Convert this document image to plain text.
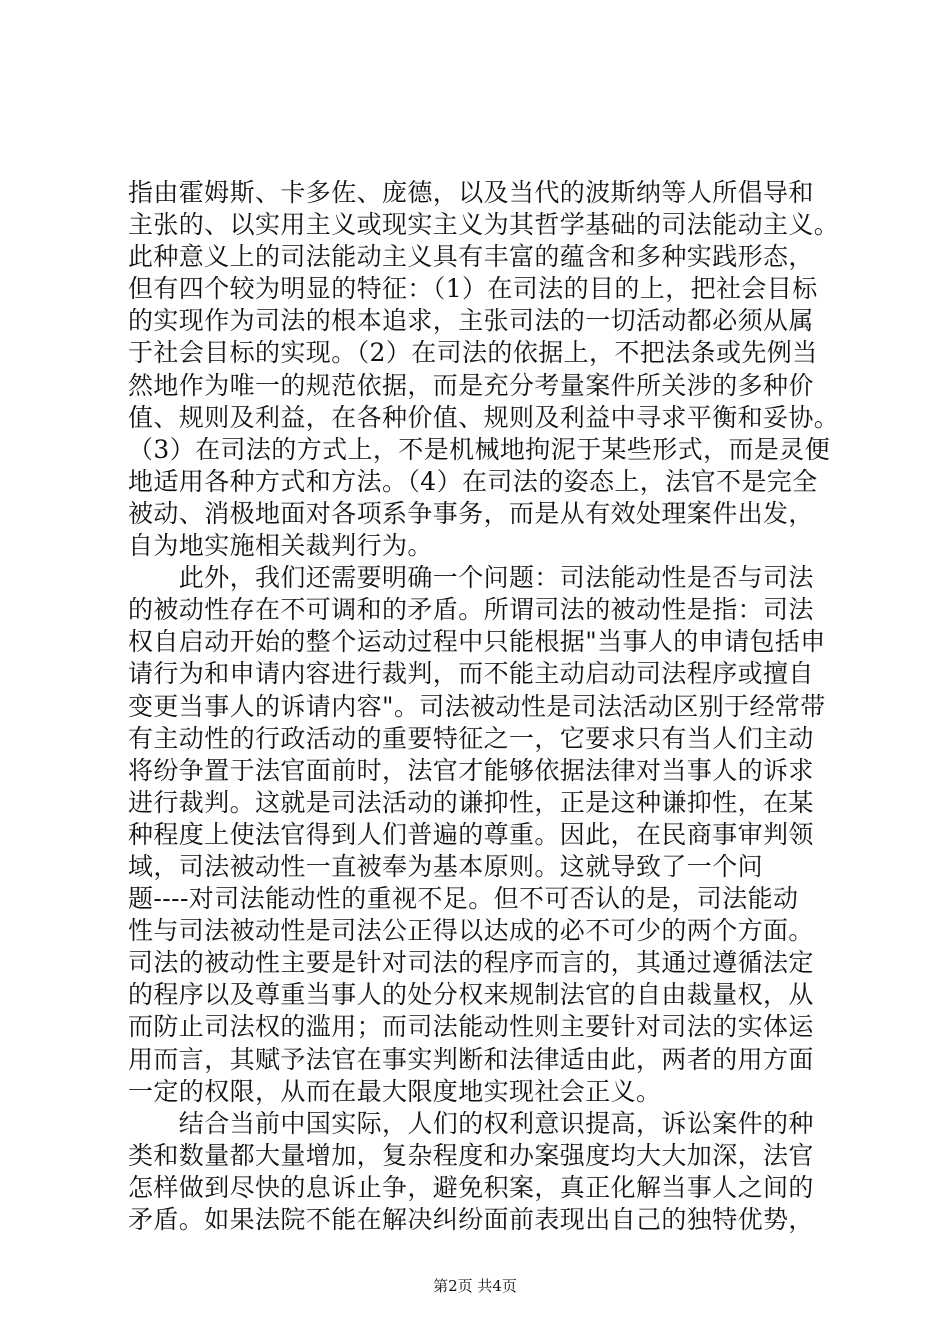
指由霍姆斯、卡多佐、庞德，以及当代的波斯纳等人所倡导和
主张的、以实用主义或现实主义为其哲学基础的司法能动主义。
此种意义上的司法能动主义具有丰富的蕴含和多种实践形态，
但有四个较为明显的特征：（1）在司法的目的上，把社会目标
的实现作为司法的根本追求，主张司法的一切活动都必须从属
于社会目标的实现。（2）在司法的依据上，不把法条或先例当
然地作为唯一的规范依据，而是充分考量案件所关涉的多种价
值、规则及利益，在各种价值、规则及利益中寻求平衡和妥协。
（3）在司法的方式上，不是机械地拘泥于某些形式，而是灵便
地适用各种方式和方法。（4）在司法的姿态上，法官不是完全
被动、消极地面对各项系争事务，而是从有效处理案件出发，
自为地实施相关裁判行为。
　　此外，我们还需要明确一个问题：司法能动性是否与司法
的被动性存在不可调和的矛盾。所谓司法的被动性是指：司法
权自启动开始的整个运动过程中只能根据"当事人的申请包括申
请行为和申请内容进行裁判，而不能主动启动司法程序或擅自
变更当事人的诉请内容"。司法被动性是司法活动区别于经常带
有主动性的行政活动的重要特征之一，它要求只有当人们主动
将纷争置于法官面前时，法官才能够依据法律对当事人的诉求
进行裁判。这就是司法活动的谦抑性，正是这种谦抑性，在某
种程度上使法官得到人们普遍的尊重。因此，在民商事审判领
域，司法被动性一直被奉为基本原则。这就导致了一个问
题----对司法能动性的重视不足。但不可否认的是，司法能动
性与司法被动性是司法公正得以达成的必不可少的两个方面。
司法的被动性主要是针对司法的程序而言的，其通过遵循法定
的程序以及尊重当事人的处分权来规制法官的自由裁量权，从
而防止司法权的滥用；而司法能动性则主要针对司法的实体运
用而言，其赋予法官在事实判断和法律适由此，两者的用方面
一定的权限，从而在最大限度地实现社会正义。
　　结合当前中国实际，人们的权利意识提高，诉讼案件的种
类和数量都大量增加，复杂程度和办案强度均大大加深，法官
怎样做到尽快的息诉止争，避免积案，真正化解当事人之间的
矛盾。如果法院不能在解决纠纷面前表现出自己的独特优势，
第2页 共4页
